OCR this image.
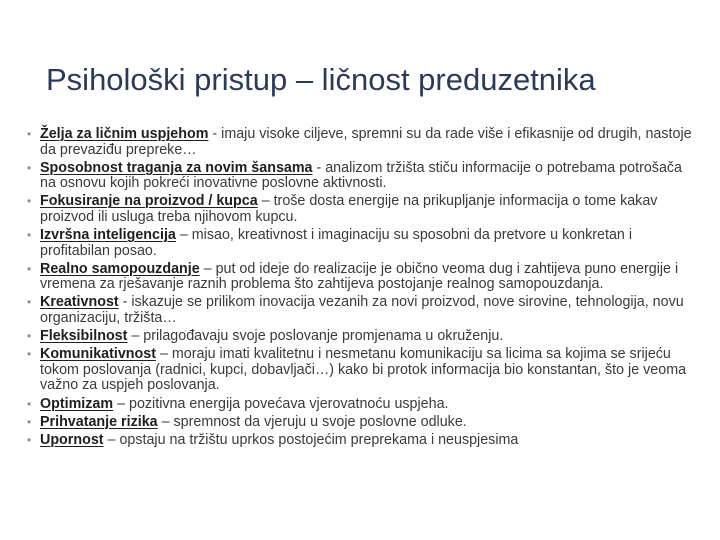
Psihološki pristup – ličnost preduzetnika
• Želja za ličnim uspjehom - imaju visoke ciljeve, spremni su da rade više i efikasnije od drugih, nastoje da prevaziđu prepreke…
• Sposobnost traganja za novim šansama - analizom tržišta stiču informacije o potrebama potrošača na osnovu kojih pokreći inovativne poslovne aktivnosti.
• Fokusiranje na proizvod / kupca – troše dosta energije na prikupljanje informacija o tome kakav proizvod ili usluga treba njihovom kupcu.
• Izvršna inteligencija – misao, kreativnost i imaginaciju su sposobni da pretvore u konkretan i profitabilan posao.
• Realno samopouzdanje – put od ideje do realizacije je obično veoma dug i zahtijeva puno energije i vremena za rješavanje raznih problema što zahtijeva postojanje realnog samopouzdanja.
• Kreativnost - iskazuje se prilikom inovacija vezanih za novi proizvod, nove sirovine, tehnologija, novu organizaciju, tržišta…
• Fleksibilnost – prilagođavaju svoje poslovanje promjenama u okruženju.
• Komunikativnost – moraju imati kvalitetnu i nesmetanu komunikaciju sa licima sa kojima se srijeću tokom poslovanja (radnici, kupci, dobavljači…) kako bi protok informacija bio konstantan, što je veoma važno za uspjeh poslovanja.
• Optimizam – pozitivna energija povećava vjerovatnoću uspjeha.
• Prihvatanje rizika – spremnost da vjeruju u svoje poslovne odluke.
• Upornost – opstaju na tržištu uprkos postojećim preprekama i neuspjesima
